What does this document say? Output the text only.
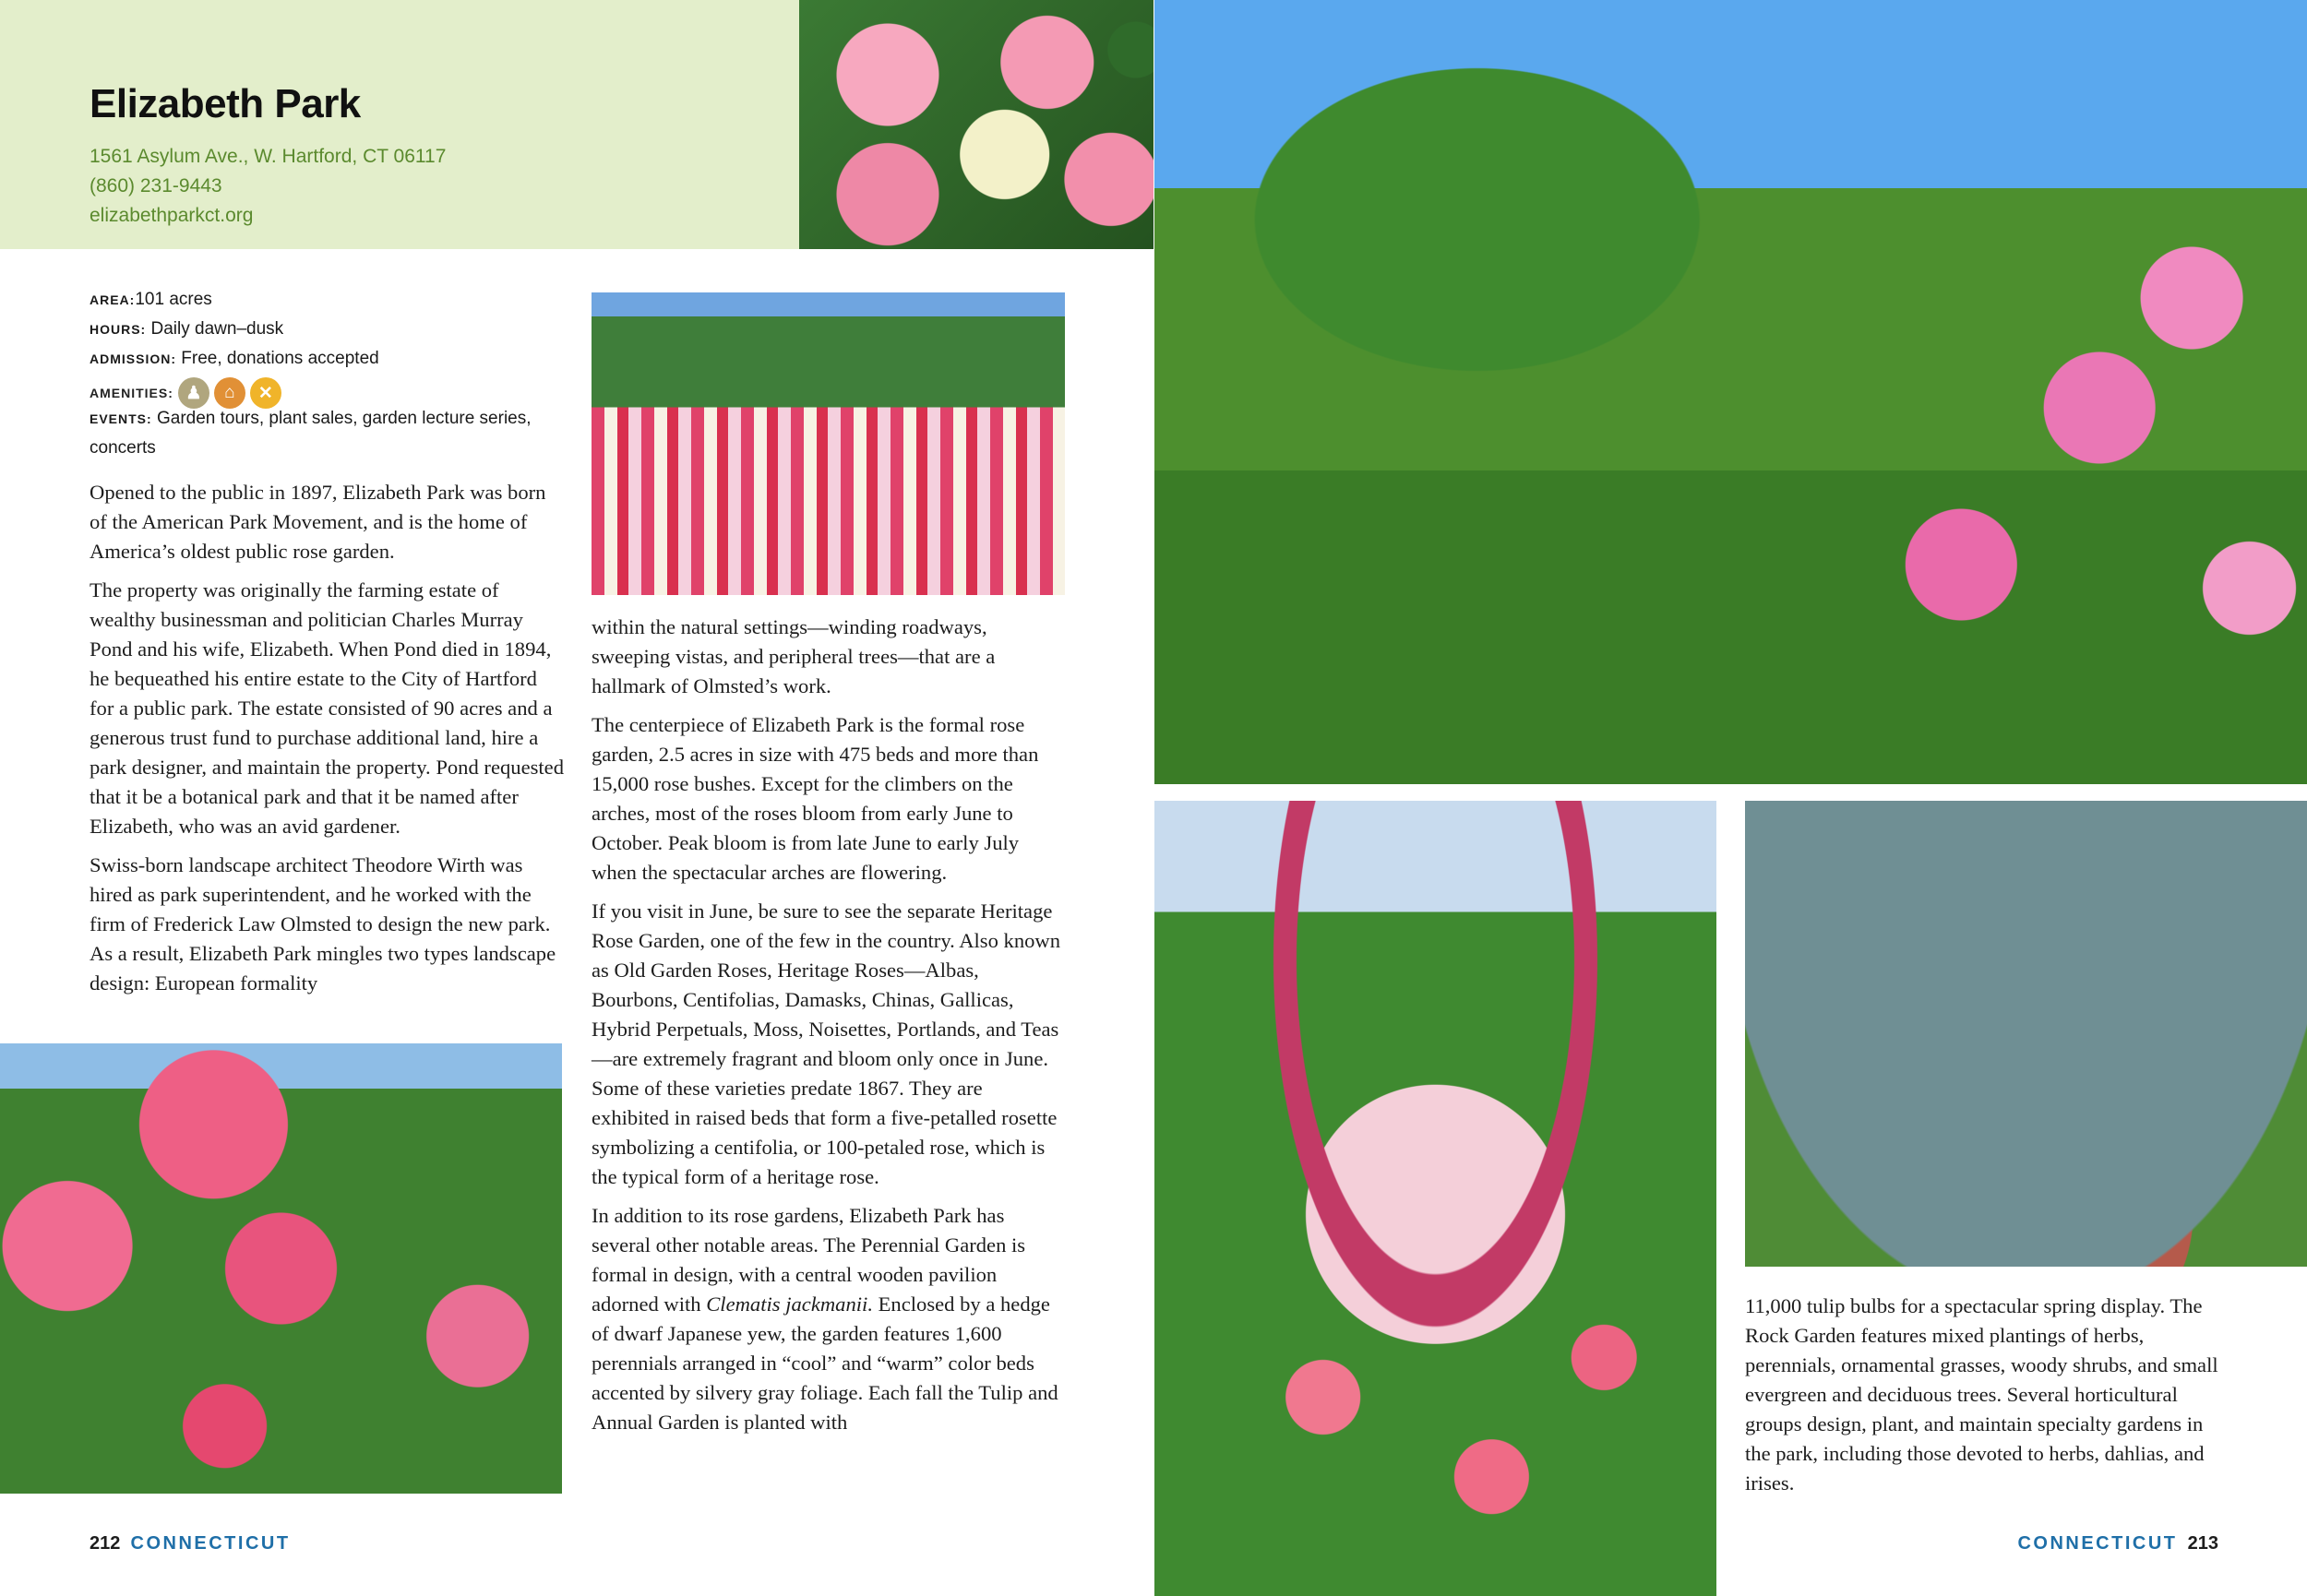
Elizabeth Park
1561 Asylum Ave., W. Hartford, CT 06117
(860) 231-9443
elizabethparkct.org
AREA:101 acres
HOURS: Daily dawn–dusk
ADMISSION: Free, donations accepted
AMENITIES: ♟	⌂	✕
EVENTS: Garden tours, plant sales, garden lecture series,
concerts

Opened to the public in 1897, Elizabeth Park was born of the American Park Movement, and is the home of America’s oldest public rose garden.

The property was originally the farming estate of wealthy businessman and politician Charles Murray Pond and his wife, Elizabeth. When Pond died in 1894, he bequeathed his entire estate to the City of Hartford for a public park. The estate consisted of 90 acres and a generous trust fund to purchase additional land, hire a park designer, and maintain the property. Pond requested that it be a botanical park and that it be named after Elizabeth, who was an avid gardener.

Swiss-born landscape architect Theodore Wirth was hired as park superintendent, and he worked with the firm of Frederick Law Olmsted to design the new park. As a result, Elizabeth Park mingles two types landscape design: European formality

within the natural settings—winding roadways, sweeping vistas, and peripheral trees—that are a hallmark of Olmsted’s work.

The centerpiece of Elizabeth Park is the formal rose garden, 2.5 acres in size with 475 beds and more than 15,000 rose bushes. Except for the climbers on the arches, most of the roses bloom from early June to October. Peak bloom is from late June to early July when the spectacular arches are flowering.

If you visit in June, be sure to see the separate Heritage Rose Garden, one of the few in the country. Also known as Old Garden Roses, Heritage Roses—Albas, Bourbons, Centifolias, Damasks, Chinas, Gallicas, Hybrid Perpetuals, Moss, Noisettes, Portlands, and Teas—are extremely fragrant and bloom only once in June. Some of these varieties predate 1867. They are exhibited in raised beds that form a five-petalled rosette symbolizing a centifolia, or 100-petaled rose, which is the typical form of a heritage rose.

In addition to its rose gardens, Elizabeth Park has several other notable areas. The Perennial Garden is formal in design, with a central wooden pavilion adorned with Clematis jackmanii. Enclosed by a hedge of dwarf Japanese yew, the garden features 1,600 perennials arranged in “cool” and “warm” color beds accented by silvery gray foliage. Each fall the Tulip and Annual Garden is planted with

11,000 tulip bulbs for a spectacular spring display. The Rock Garden features mixed plantings of herbs, perennials, ornamental grasses, woody shrubs, and small evergreen and deciduous trees. Several horticultural groups design, plant, and maintain specialty gardens in the park, including those devoted to herbs, dahlias, and irises.

212 CONNECTICUT	CONNECTICUT 213
